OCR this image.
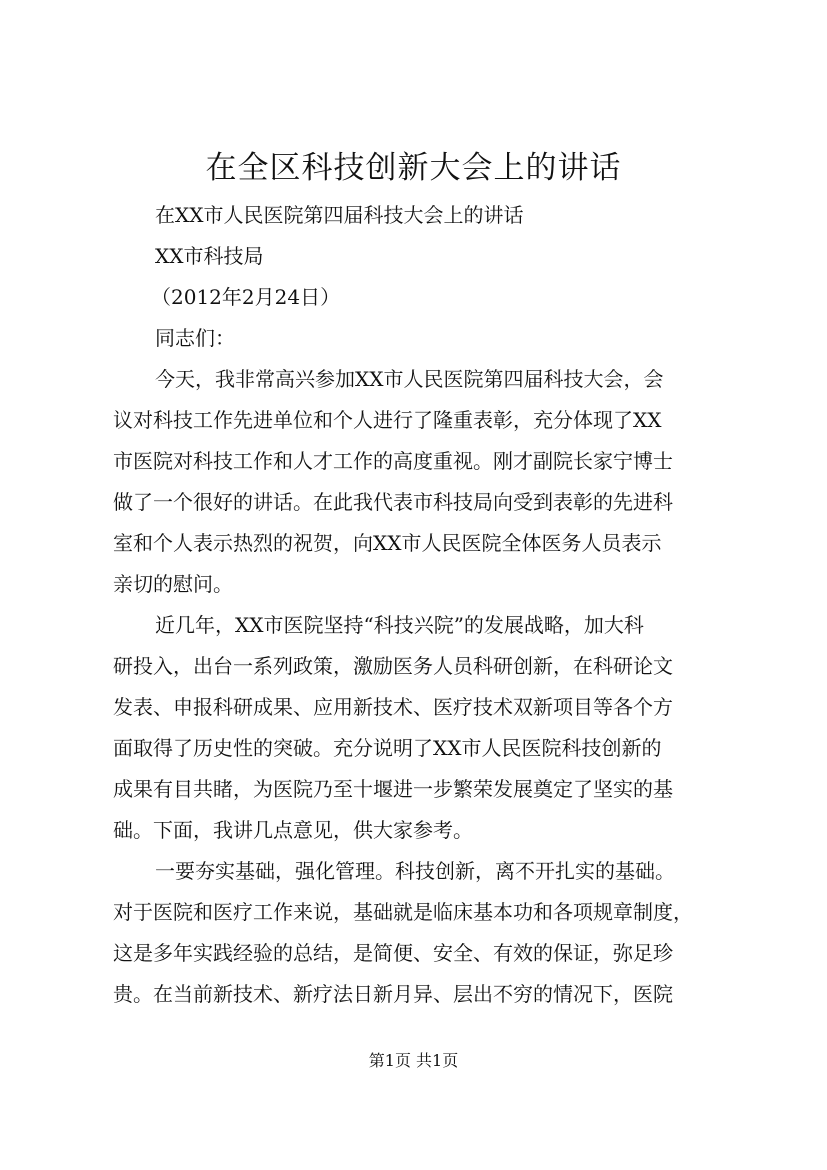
在全区科技创新大会上的讲话
在XX市人民医院第四届科技大会上的讲话
XX市科技局
（2012年2月24日）
同志们：
今天，我非常高兴参加XX市人民医院第四届科技大会，会
议对科技工作先进单位和个人进行了隆重表彰，充分体现了XX
市医院对科技工作和人才工作的高度重视。刚才副院长家宁博士
做了一个很好的讲话。在此我代表市科技局向受到表彰的先进科
室和个人表示热烈的祝贺，向XX市人民医院全体医务人员表示
亲切的慰问。
近几年，XX市医院坚持“科技兴院”的发展战略，加大科
研投入，出台一系列政策，激励医务人员科研创新，在科研论文
发表、申报科研成果、应用新技术、医疗技术双新项目等各个方
面取得了历史性的突破。充分说明了XX市人民医院科技创新的
成果有目共睹，为医院乃至十堰进一步繁荣发展奠定了坚实的基
础。下面，我讲几点意见，供大家参考。
一要夯实基础，强化管理。科技创新，离不开扎实的基础。
对于医院和医疗工作来说，基础就是临床基本功和各项规章制度，
这是多年实践经验的总结，是简便、安全、有效的保证，弥足珍
贵。在当前新技术、新疗法日新月异、层出不穷的情况下，医院
第1页 共1页
